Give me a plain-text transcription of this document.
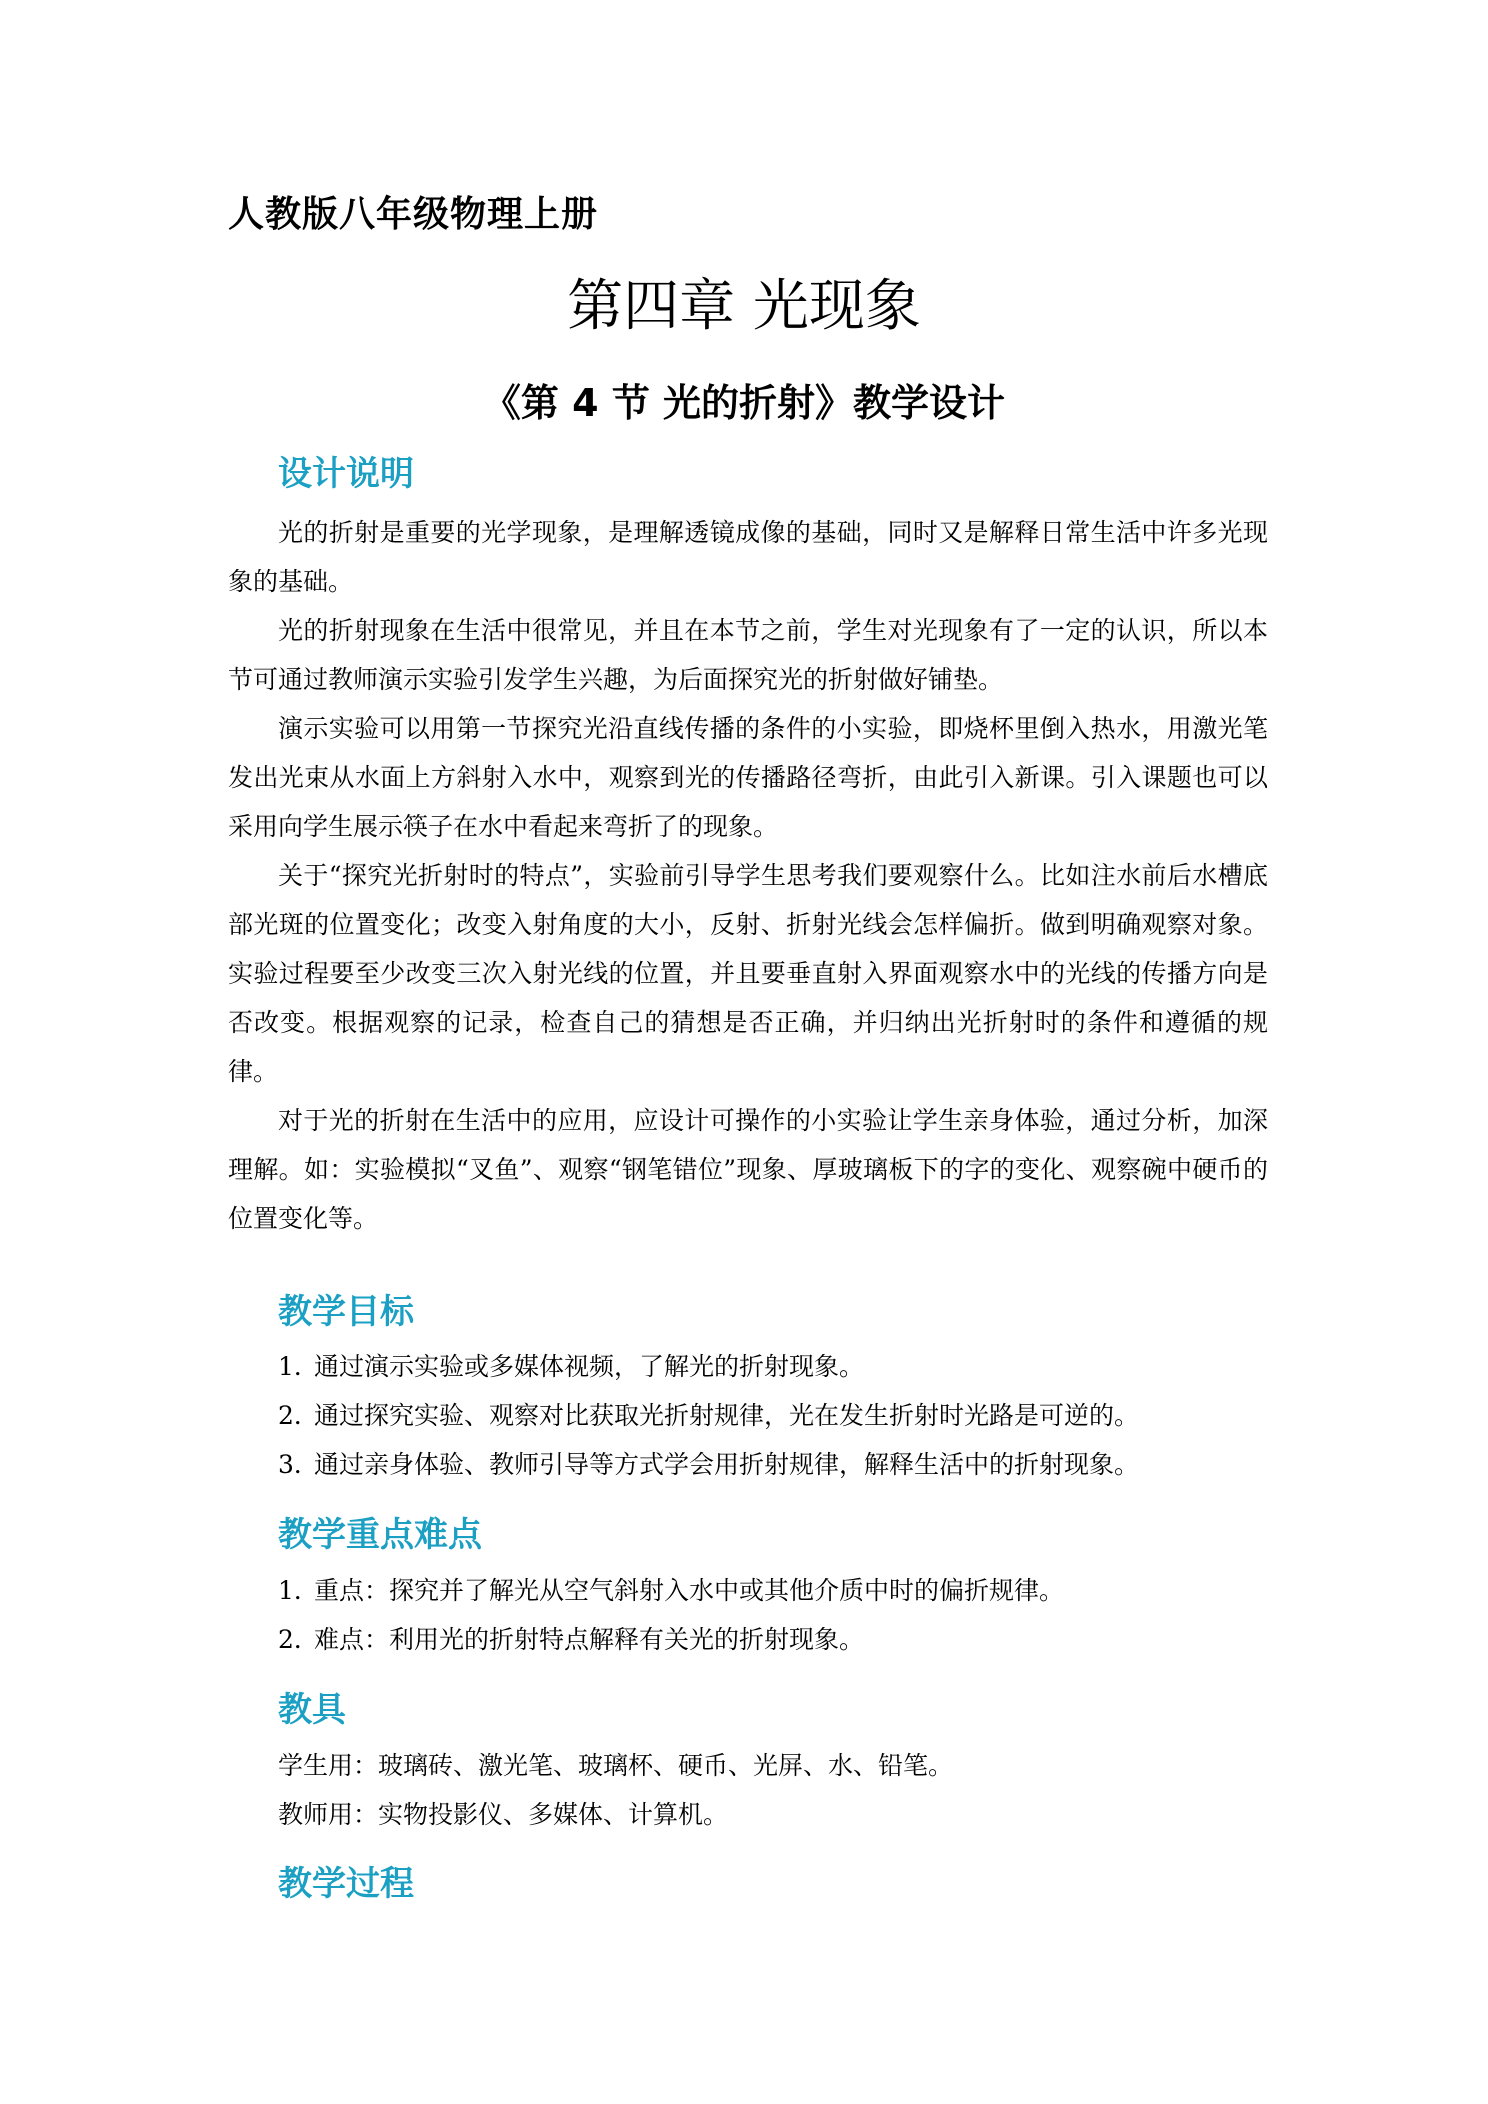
人教版八年级物理上册
第四章 光现象
《第 4 节 光的折射》教学设计
设计说明
光的折射是重要的光学现象，是理解透镜成像的基础，同时又是解释日常生活中许多光现象的基础。
光的折射现象在生活中很常见，并且在本节之前，学生对光现象有了一定的认识，所以本节可通过教师演示实验引发学生兴趣，为后面探究光的折射做好铺垫。
演示实验可以用第一节探究光沿直线传播的条件的小实验，即烧杯里倒入热水，用激光笔发出光束从水面上方斜射入水中，观察到光的传播路径弯折，由此引入新课。引入课题也可以采用向学生展示筷子在水中看起来弯折了的现象。
关于“探究光折射时的特点”，实验前引导学生思考我们要观察什么。比如注水前后水槽底部光斑的位置变化；改变入射角度的大小，反射、折射光线会怎样偏折。做到明确观察对象。实验过程要至少改变三次入射光线的位置，并且要垂直射入界面观察水中的光线的传播方向是否改变。根据观察的记录，检查自己的猜想是否正确，并归纳出光折射时的条件和遵循的规律。
对于光的折射在生活中的应用，应设计可操作的小实验让学生亲身体验，通过分析，加深理解。如：实验模拟“叉鱼”、观察“钢笔错位”现象、厚玻璃板下的字的变化、观察碗中硬币的位置变化等。
教学目标
1．通过演示实验或多媒体视频，了解光的折射现象。
2．通过探究实验、观察对比获取光折射规律，光在发生折射时光路是可逆的。
3．通过亲身体验、教师引导等方式学会用折射规律，解释生活中的折射现象。
教学重点难点
1．重点：探究并了解光从空气斜射入水中或其他介质中时的偏折规律。
2．难点：利用光的折射特点解释有关光的折射现象。
教具
学生用：玻璃砖、激光笔、玻璃杯、硬币、光屏、水、铅笔。
教师用：实物投影仪、多媒体、计算机。
教学过程
